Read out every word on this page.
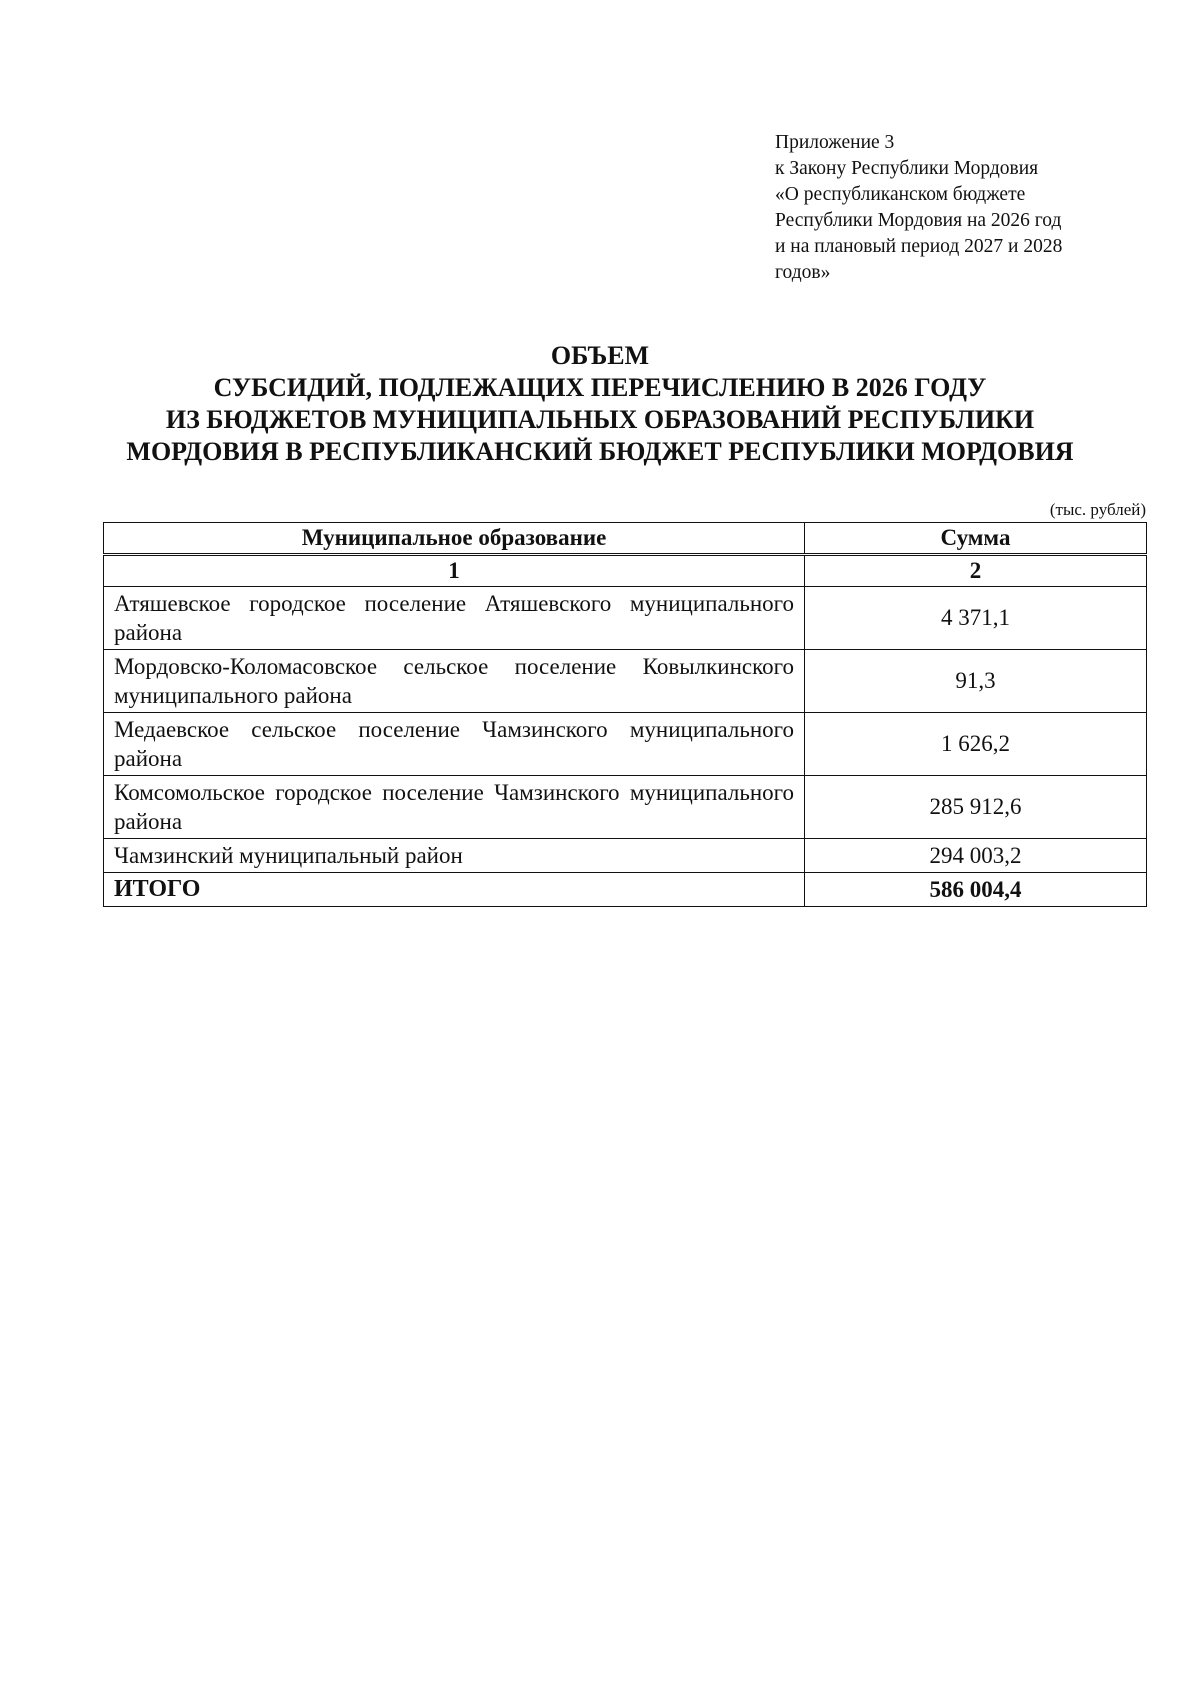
Приложение 3
к Закону Республики Мордовия
«О республиканском бюджете
Республики Мордовия на 2026 год
и на плановый период 2027 и 2028
годов»
ОБЪЕМ
СУБСИДИЙ, ПОДЛЕЖАЩИХ ПЕРЕЧИСЛЕНИЮ В 2026 ГОДУ
ИЗ БЮДЖЕТОВ МУНИЦИПАЛЬНЫХ ОБРАЗОВАНИЙ РЕСПУБЛИКИ
МОРДОВИЯ В РЕСПУБЛИКАНСКИЙ БЮДЖЕТ РЕСПУБЛИКИ МОРДОВИЯ
(тыс. рублей)
Муниципальное образование	Сумма
1	2
Атяшевское городское поселение Атяшевского муниципального района	4 371,1
Мордовско-Коломасовское сельское поселение Ковылкинского муниципального района	91,3
Медаевское сельское поселение Чамзинского муниципального района	1 626,2
Комсомольское городское поселение Чамзинского муниципального района	285 912,6
Чамзинский муниципальный район	294 003,2
ИТОГО	586 004,4
